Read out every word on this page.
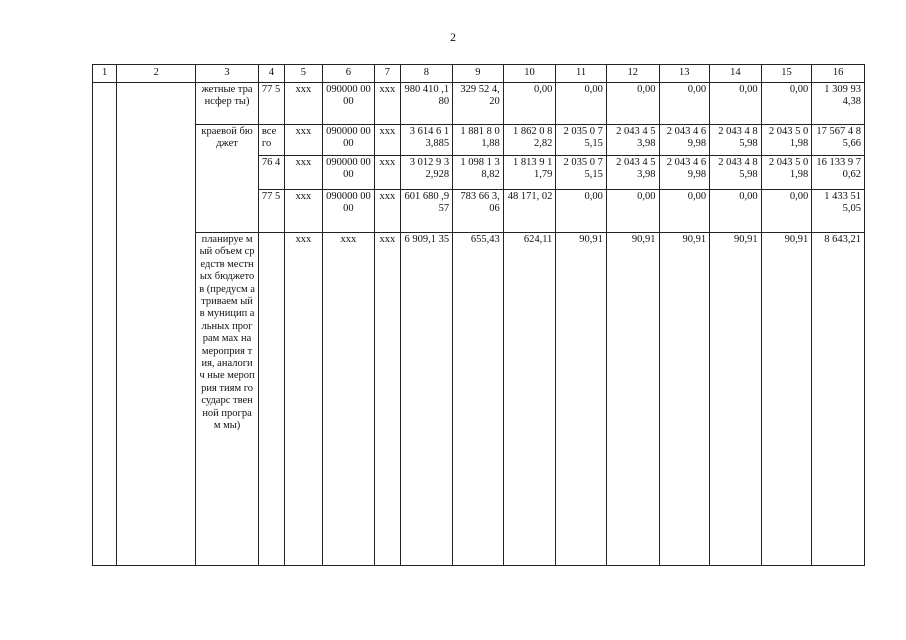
2
1	2	3	4	5	6	7	8	9	10	11	12	13	14	15	16
		жетные трансфер ты)	77 5	ххх	090000 0000	ххх	980 410 ,180	329 52 4,20	0,00	0,00	0,00	0,00	0,00	0,00	1 309 93 4,38
		краевой бюджет	все го	ххх	090000 0000	ххх	3 614 6 13,885	1 881 8 01,88	1 862 0 82,82	2 035 0 75,15	2 043 4 53,98	2 043 4 69,98	2 043 4 85,98	2 043 5 01,98	17 567 4 85,66
			76 4	ххх	090000 0000	ххх	3 012 9 32,928	1 098 1 38,82	1 813 9 11,79	2 035 0 75,15	2 043 4 53,98	2 043 4 69,98	2 043 4 85,98	2 043 5 01,98	16 133 9 70,62
			77 5	ххх	090000 0000	ххх	601 680 ,957	783 66 3,06	48 171, 02	0,00	0,00	0,00	0,00	0,00	1 433 51 5,05
		планируе мый объем средств местных бюджето в (предусм атриваем ый в муницип альных програм мах на мероприя тия, аналогич ные мероприя тиям государс твенной програм мы)		ххх	ххх	ххх	6 909,1 35	655,43	624,11	90,91	90,91	90,91	90,91	90,91	8 643,21
